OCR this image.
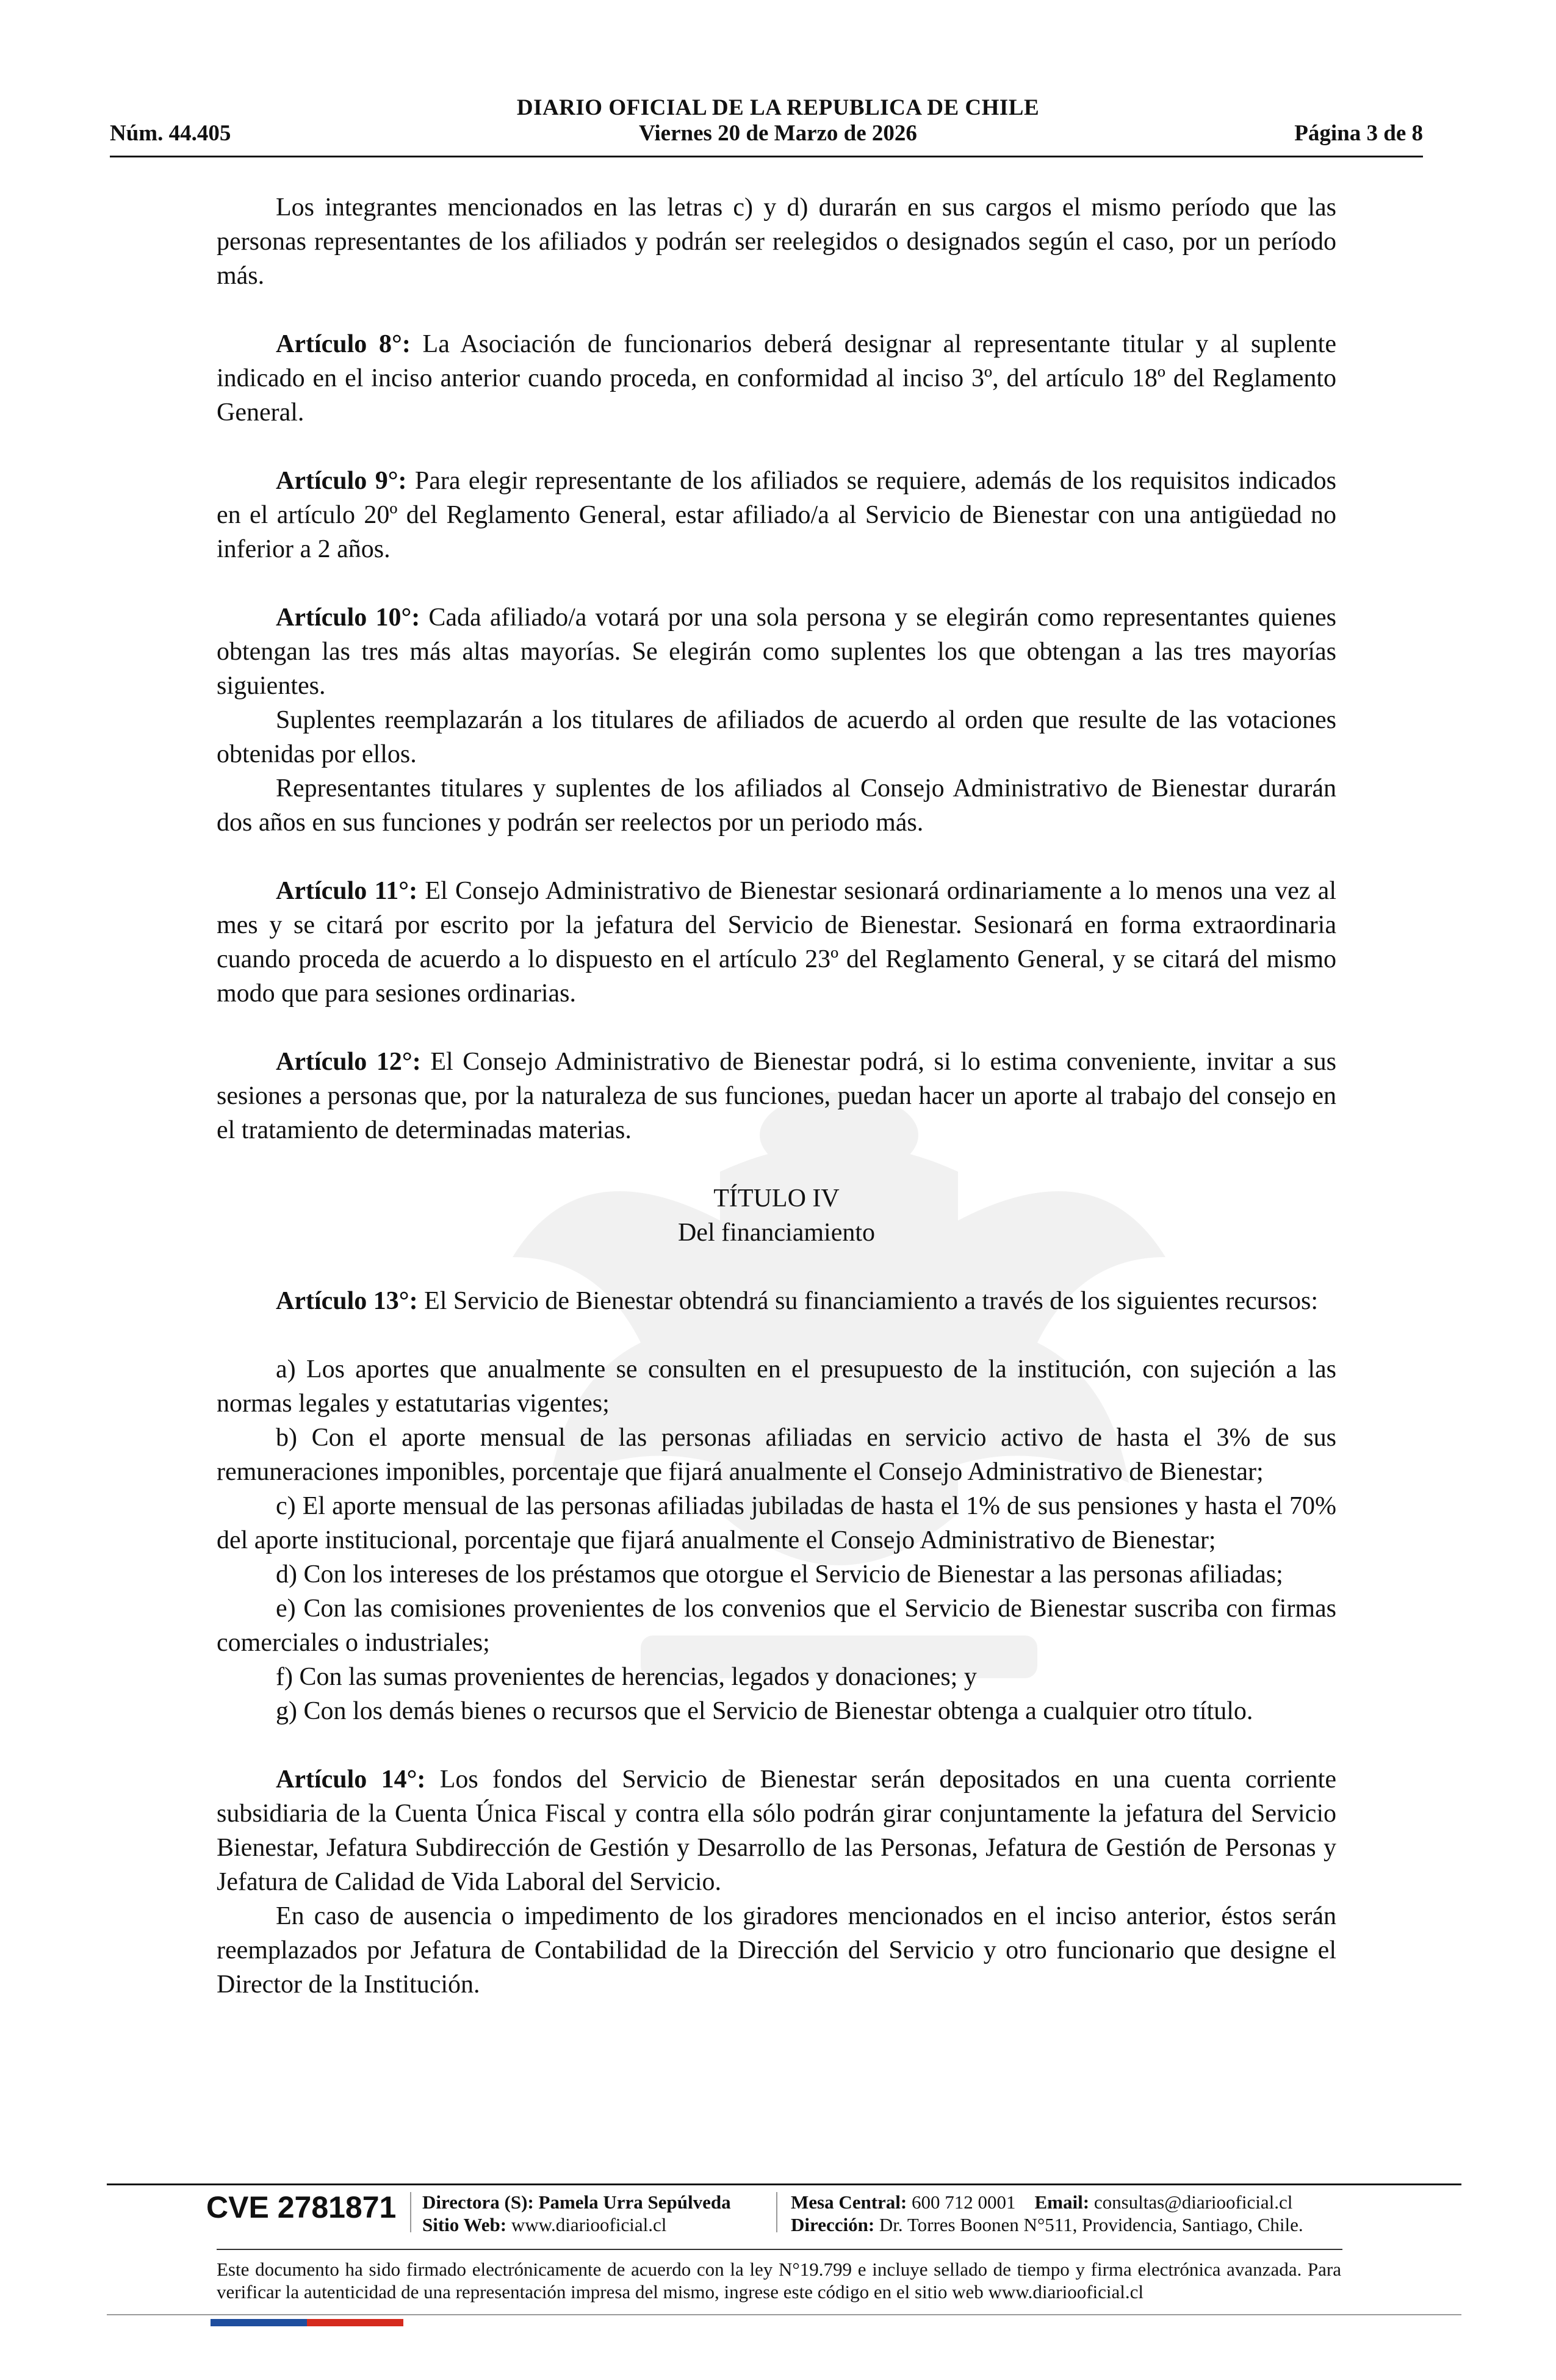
DIARIO OFICIAL DE LA REPUBLICA DE CHILE
Núm. 44.405	Viernes 20 de Marzo de 2026	Página 3 de 8

Los integrantes mencionados en las letras c) y d) durarán en sus cargos el mismo período que las personas representantes de los afiliados y podrán ser reelegidos o designados según el caso, por un período más.

Artículo 8°: La Asociación de funcionarios deberá designar al representante titular y al suplente indicado en el inciso anterior cuando proceda, en conformidad al inciso 3º, del artículo 18º del Reglamento General.

Artículo 9°: Para elegir representante de los afiliados se requiere, además de los requisitos indicados en el artículo 20º del Reglamento General, estar afiliado/a al Servicio de Bienestar con una antigüedad no inferior a 2 años.

Artículo 10°: Cada afiliado/a votará por una sola persona y se elegirán como representantes quienes obtengan las tres más altas mayorías. Se elegirán como suplentes los que obtengan a las tres mayorías siguientes.

Suplentes reemplazarán a los titulares de afiliados de acuerdo al orden que resulte de las votaciones obtenidas por ellos.

Representantes titulares y suplentes de los afiliados al Consejo Administrativo de Bienestar durarán dos años en sus funciones y podrán ser reelectos por un periodo más.

Artículo 11°: El Consejo Administrativo de Bienestar sesionará ordinariamente a lo menos una vez al mes y se citará por escrito por la jefatura del Servicio de Bienestar. Sesionará en forma extraordinaria cuando proceda de acuerdo a lo dispuesto en el artículo 23º del Reglamento General, y se citará del mismo modo que para sesiones ordinarias.

Artículo 12°: El Consejo Administrativo de Bienestar podrá, si lo estima conveniente, invitar a sus sesiones a personas que, por la naturaleza de sus funciones, puedan hacer un aporte al trabajo del consejo en el tratamiento de determinadas materias.

TÍTULO IV
Del financiamiento

Artículo 13°: El Servicio de Bienestar obtendrá su financiamiento a través de los siguientes recursos:

a) Los aportes que anualmente se consulten en el presupuesto de la institución, con sujeción a las normas legales y estatutarias vigentes;

b) Con el aporte mensual de las personas afiliadas en servicio activo de hasta el 3% de sus remuneraciones imponibles, porcentaje que fijará anualmente el Consejo Administrativo de Bienestar;

c) El aporte mensual de las personas afiliadas jubiladas de hasta el 1% de sus pensiones y hasta el 70% del aporte institucional, porcentaje que fijará anualmente el Consejo Administrativo de Bienestar;

d) Con los intereses de los préstamos que otorgue el Servicio de Bienestar a las personas afiliadas;

e) Con las comisiones provenientes de los convenios que el Servicio de Bienestar suscriba con firmas comerciales o industriales;

f) Con las sumas provenientes de herencias, legados y donaciones; y

g) Con los demás bienes o recursos que el Servicio de Bienestar obtenga a cualquier otro título.

Artículo 14°: Los fondos del Servicio de Bienestar serán depositados en una cuenta corriente subsidiaria de la Cuenta Única Fiscal y contra ella sólo podrán girar conjuntamente la jefatura del Servicio Bienestar, Jefatura Subdirección de Gestión y Desarrollo de las Personas, Jefatura de Gestión de Personas y Jefatura de Calidad de Vida Laboral del Servicio.

En caso de ausencia o impedimento de los giradores mencionados en el inciso anterior, éstos serán reemplazados por Jefatura de Contabilidad de la Dirección del Servicio y otro funcionario que designe el Director de la Institución.

CVE 2781871 Directora (S): Pamela Urra Sepúlveda
Sitio Web: www.diariooficial.cl
Mesa Central: 600 712 0001 Email: consultas@diariooficial.cl
Dirección: Dr. Torres Boonen N°511, Providencia, Santiago, Chile.
Este documento ha sido firmado electrónicamente de acuerdo con la ley N°19.799 e incluye sellado de tiempo y firma electrónica avanzada. Para verificar la autenticidad de una representación impresa del mismo, ingrese este código en el sitio web www.diariooficial.cl
